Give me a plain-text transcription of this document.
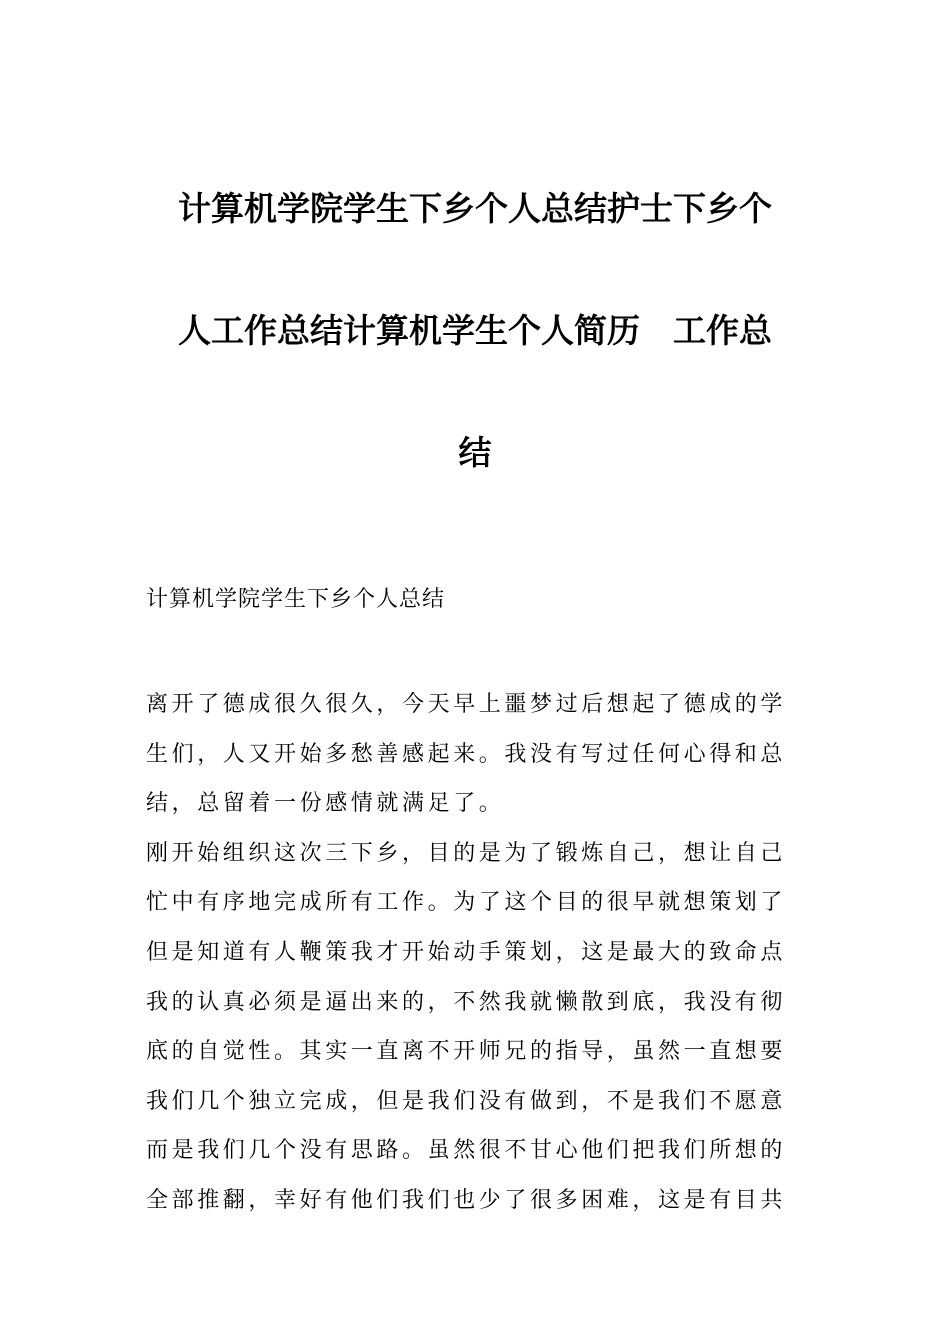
计算机学院学生下乡个人总结护士下乡个
人工作总结计算机学生个人简历　工作总
结

计算机学院学生下乡个人总结

离开了德成很久很久，今天早上噩梦过后想起了德成的学
生们，人又开始多愁善感起来。我没有写过任何心得和总
结，总留着一份感情就满足了。
刚开始组织这次三下乡，目的是为了锻炼自己，想让自己
忙中有序地完成所有工作。为了这个目的很早就想策划了
但是知道有人鞭策我才开始动手策划，这是最大的致命点
我的认真必须是逼出来的，不然我就懒散到底，我没有彻
底的自觉性。其实一直离不开师兄的指导，虽然一直想要
我们几个独立完成，但是我们没有做到，不是我们不愿意
而是我们几个没有思路。虽然很不甘心他们把我们所想的
全部推翻，幸好有他们我们也少了很多困难，这是有目共
